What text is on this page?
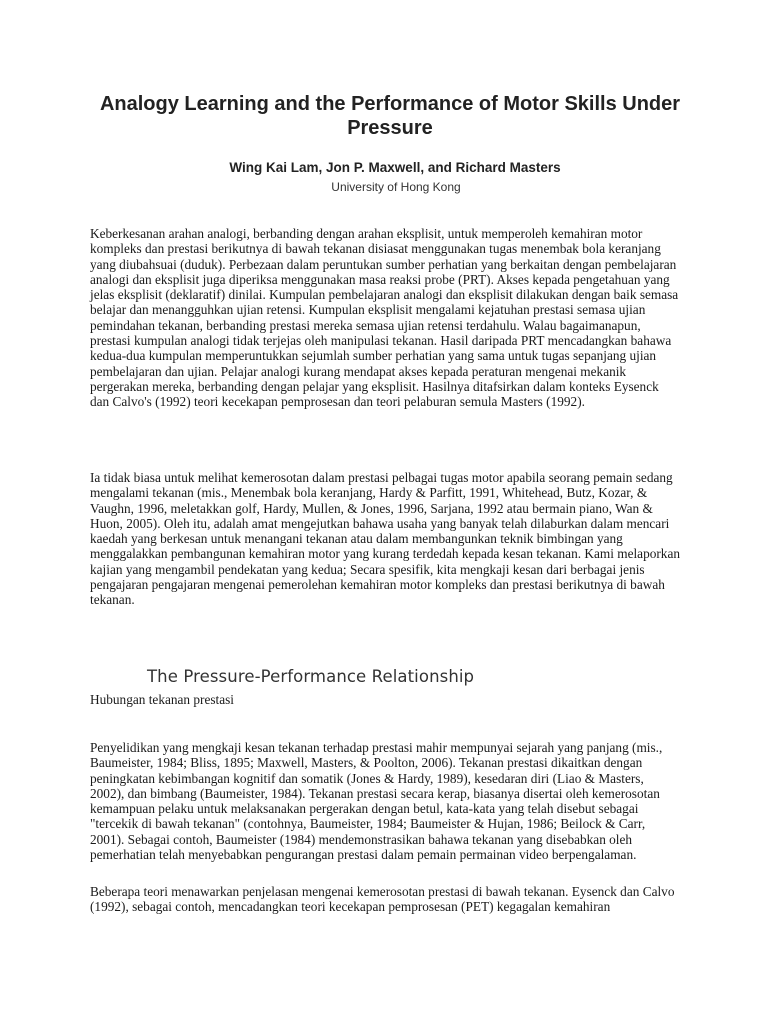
Analogy Learning and the Performance of Motor Skills Under Pressure
Wing Kai Lam, Jon P. Maxwell, and Richard Masters
University of Hong Kong

Keberkesanan arahan analogi, berbanding dengan arahan eksplisit, untuk memperoleh kemahiran motor kompleks dan prestasi berikutnya di bawah tekanan disiasat menggunakan tugas menembak bola keranjang yang diubahsuai (duduk). Perbezaan dalam peruntukan sumber perhatian yang berkaitan dengan pembelajaran analogi dan eksplisit juga diperiksa menggunakan masa reaksi probe (PRT). Akses kepada pengetahuan yang jelas eksplisit (deklaratif) dinilai. Kumpulan pembelajaran analogi dan eksplisit dilakukan dengan baik semasa belajar dan menangguhkan ujian retensi. Kumpulan eksplisit mengalami kejatuhan prestasi semasa ujian pemindahan tekanan, berbanding prestasi mereka semasa ujian retensi terdahulu. Walau bagaimanapun, prestasi kumpulan analogi tidak terjejas oleh manipulasi tekanan. Hasil daripada PRT mencadangkan bahawa kedua-dua kumpulan memperuntukkan sejumlah sumber perhatian yang sama untuk tugas sepanjang ujian pembelajaran dan ujian. Pelajar analogi kurang mendapat akses kepada peraturan mengenai mekanik pergerakan mereka, berbanding dengan pelajar yang eksplisit. Hasilnya ditafsirkan dalam konteks Eysenck dan Calvo's (1992) teori kecekapan pemprosesan dan teori pelaburan semula Masters (1992).

Ia tidak biasa untuk melihat kemerosotan dalam prestasi pelbagai tugas motor apabila seorang pemain sedang mengalami tekanan (mis., Menembak bola keranjang, Hardy & Parfitt, 1991, Whitehead, Butz, Kozar, & Vaughn, 1996, meletakkan golf, Hardy, Mullen, & Jones, 1996, Sarjana, 1992 atau bermain piano, Wan & Huon, 2005). Oleh itu, adalah amat mengejutkan bahawa usaha yang banyak telah dilaburkan dalam mencari kaedah yang berkesan untuk menangani tekanan atau dalam membangunkan teknik bimbingan yang menggalakkan pembangunan kemahiran motor yang kurang terdedah kepada kesan tekanan. Kami melaporkan kajian yang mengambil pendekatan yang kedua; Secara spesifik, kita mengkaji kesan dari berbagai jenis pengajaran pengajaran mengenai pemerolehan kemahiran motor kompleks dan prestasi berikutnya di bawah tekanan.

The Pressure-Performance Relationship
Hubungan tekanan prestasi

Penyelidikan yang mengkaji kesan tekanan terhadap prestasi mahir mempunyai sejarah yang panjang (mis., Baumeister, 1984; Bliss, 1895; Maxwell, Masters, & Poolton, 2006). Tekanan prestasi dikaitkan dengan peningkatan kebimbangan kognitif dan somatik (Jones & Hardy, 1989), kesedaran diri (Liao & Masters, 2002), dan bimbang (Baumeister, 1984). Tekanan prestasi secara kerap, biasanya disertai oleh kemerosotan kemampuan pelaku untuk melaksanakan pergerakan dengan betul, kata-kata yang telah disebut sebagai "tercekik di bawah tekanan" (contohnya, Baumeister, 1984; Baumeister & Hujan, 1986; Beilock & Carr, 2001). Sebagai contoh, Baumeister (1984) mendemonstrasikan bahawa tekanan yang disebabkan oleh pemerhatian telah menyebabkan pengurangan prestasi dalam pemain permainan video berpengalaman.

Beberapa teori menawarkan penjelasan mengenai kemerosotan prestasi di bawah tekanan. Eysenck dan Calvo (1992), sebagai contoh, mencadangkan teori kecekapan pemprosesan (PET) kegagalan kemahiran
